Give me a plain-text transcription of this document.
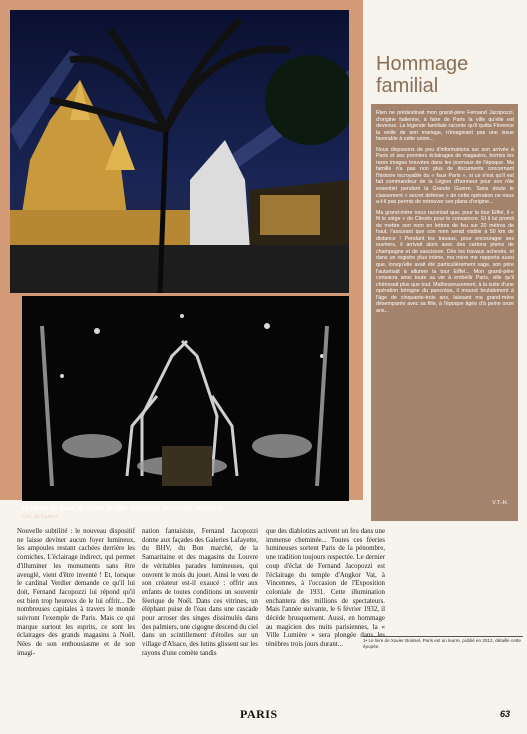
La vitrine du Bazar de l'Hôtel de Ville. Illumination de Fernand Jacopozzi.
Coll. de l'auteur.
Hommage familial

Rien ne prédestinait mon grand-père Fernand Jacopozzi, d'origine italienne, à faire de Paris la ville qu'elle est devenue. La légende familiale raconte qu'il quitta Florence la veille de son mariage, n'imaginant pas une issue favorable à cette union...

Nous disposons de peu d'informations sur son arrivée à Paris et ses premiers éclairages de magasins, hormis les rares images trouvées dans les journaux de l'époque. Ma famille n'a pas non plus de documents concernant l'histoire incroyable du « faux Paris », si ce n'est qu'il est fait commandeur de la Légion d'honneur pour son rôle essentiel pendant la Grande Guerre. Sans doute le classement « secret défense » de cette opération ne nous a-t-il pas permis de retrouver ses plans d'origine...

Ma grand-mère nous racontait que, pour la tour Eiffel, il « fit le siège » de Citroën pour le convaincre. Et il lui promit de mettre son nom en lettres de feu sur 20 mètres de haut, l'assurant que son nom serait visible à 50 km de distance ! Pendant les travaux, pour encourager ses ouvriers, il arrivait alors avec des cartons pleins de champagne et de saucisson. Dès les travaux achevés, et dans un registre plus intime, ma mère me rapporta aussi que, lorsqu'elle avait été particulièrement sage, son père l'autorisait à allumer la tour Eiffel... Mon grand-père consacra ainsi toute sa vie à embellir Paris, ville qu'il chérissait plus que tout. Malheureusement, à la suite d'une opération bénigne du pancréas, il mourut brutalement à l'âge de cinquante-trois ans, laissant ma grand-mère désemparée avec sa fille, à l'époque âgée d'à peine onze ans...

V.T.-H.
Nouvelle subtilité : le nouveau dispositif ne laisse deviner aucun foyer lumineux, les ampoules restant cachées derrière les corniches. L'éclairage indirect, qui permet d'illuminer les monuments sans être aveuglé, vient d'être inventé ! Et, lorsque le cardinal Verdier demande ce qu'il lui doit, Fernand Jacopozzi lui répond qu'il est bien trop heureux de le lui offrir... De nombreuses capitales à travers le monde suivront l'exemple de Paris. Mais ce qui marque surtout les esprits, ce sont les éclairages des grands magasins à Noël. Nées de son enthousiasme et de son imagi-
nation fantaisiste, Fernand Jacopozzi donne aux façades des Galeries Lafayette, du BHV, du Bon marché, de la Samaritaine et des magasins du Louvre de véritables parades lumineuses, qui ouvrent le mois du jouet. Ainsi le vœu de son créateur est-il exaucé : offrir aux enfants de toutes conditions un souvenir féerique de Noël. Dans ces vitrines, un éléphant puise de l'eau dans une cascade pour arroser des singes dissimulés dans des palmiers, une cigogne descend du ciel dans un scintillement d'étoiles sur un village d'Alsace, des lutins glissent sur les rayons d'une comète tandis
que des diablotins activent un feu dans une immense cheminée... Toutes ces féeries lumineuses sortent Paris de la pénombre, une tradition toujours respectée. Le dernier coup d'éclat de Fernand Jacopozzi est l'éclairage du temple d'Angkor Vat, à Vincennes, à l'occasion de l'Exposition coloniale de 1931. Cette illumination enchantera des millions de spectateurs. Mais l'année suivante, le 6 février 1932, il décède brusquement. Aussi, en hommage au magicien des nuits parisiennes, la « Ville Lumière » sera plongée dans les ténèbres trois jours durant...
1• Le livre de Xavier Boissel, Paris est un leurre, publié en 2012, détaille cette épopée.
PARIS	63
